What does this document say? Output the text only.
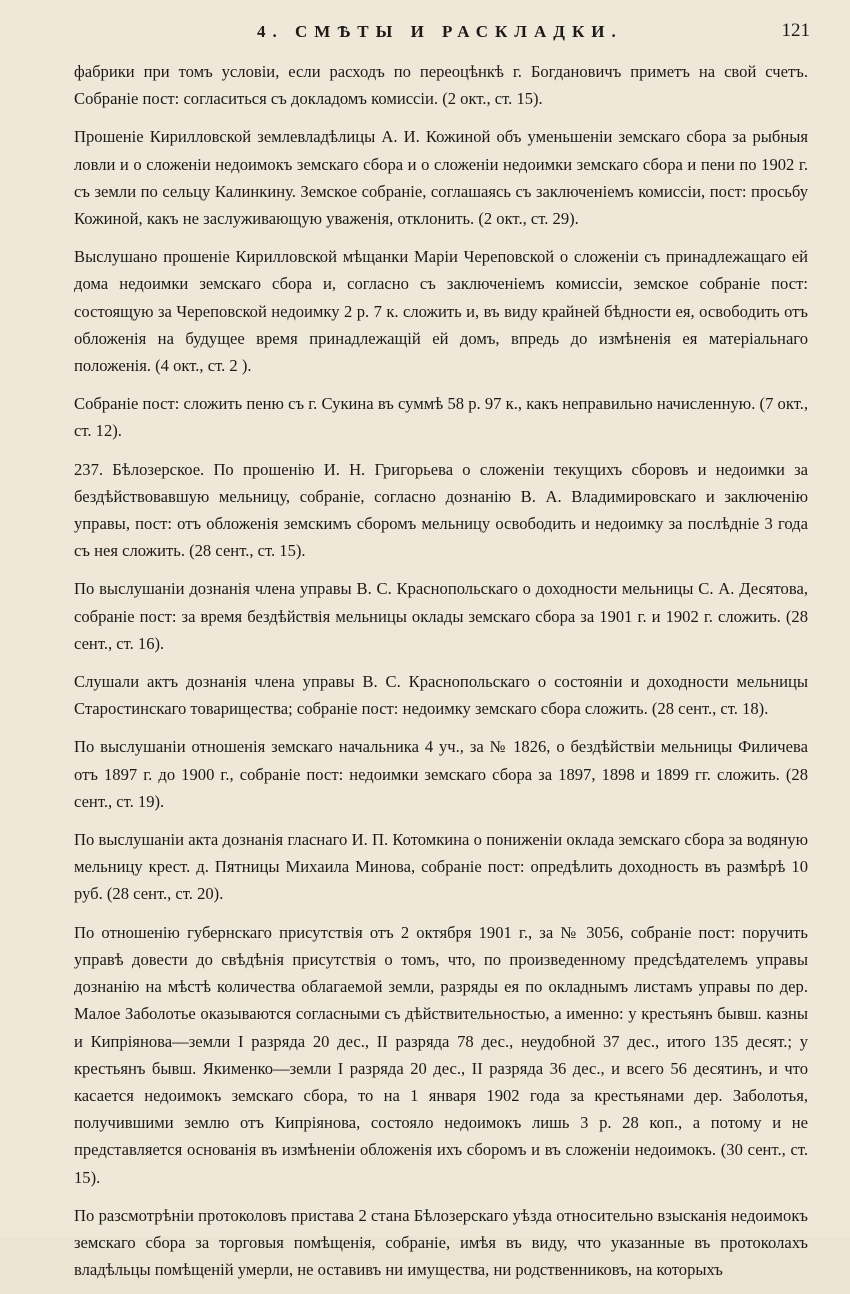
4. СМѢТЫ И РАСКЛАДКИ.	121

фабрики при томъ условіи, если расходъ по переоцѣнкѣ г. Богдановичъ приметъ на свой счетъ. Собраніе пост: согласиться съ докладомъ комиссіи. (2 окт., ст. 15).

Прошеніе Кирилловской землевладѣлицы А. И. Кожиной объ уменьшеніи земскаго сбора за рыбныя ловли и о сложеніи недоимокъ земскаго сбора и о сложеніи недоимки земскаго сбора и пени по 1902 г. съ земли по сельцу Калинкину. Земское собраніе, соглашаясь съ заключеніемъ комиссіи, пост: просьбу Кожиной, какъ не заслуживающую уваженія, отклонить. (2 окт., ст. 29).

Выслушано прошеніе Кирилловской мѣщанки Маріи Череповской о сложеніи съ принадлежащаго ей дома недоимки земскаго сбора и, согласно съ заключеніемъ комиссіи, земское собраніе пост: состоящую за Череповской недоимку 2 р. 7 к. сложить и, въ виду крайней бѣдности ея, освободить отъ обложенія на будущее время принадлежащій ей домъ, впредь до измѣненія ея матеріальнаго положенія. (4 окт., ст. 2 ).

Собраніе пост: сложить пеню съ г. Сукина въ суммѣ 58 р. 97 к., какъ неправильно начисленную. (7 окт., ст. 12).

237. Бѣлозерское. По прошенію И. Н. Григорьева о сложеніи текущихъ сборовъ и недоимки за бездѣйствовавшую мельницу, собраніе, согласно дознанію В. А. Владимировскаго и заключенію управы, пост: отъ обложенія земскимъ сборомъ мельницу освободить и недоимку за послѣдніе 3 года съ нея сложить. (28 сент., ст. 15).

По выслушаніи дознанія члена управы В. С. Краснопольскаго о доходности мельницы С. А. Десятова, собраніе пост: за время бездѣйствія мельницы оклады земскаго сбора за 1901 г. и 1902 г. сложить. (28 сент., ст. 16).

Слушали актъ дознанія члена управы В. С. Краснопольскаго о состояніи и доходности мельницы Старостинскаго товарищества; собраніе пост: недоимку земскаго сбора сложить. (28 сент., ст. 18).

По выслушаніи отношенія земскаго начальника 4 уч., за № 1826, о бездѣйствіи мельницы Филичева отъ 1897 г. до 1900 г., собраніе пост: недоимки земскаго сбора за 1897, 1898 и 1899 гг. сложить. (28 сент., ст. 19).

По выслушаніи акта дознанія гласнаго И. П. Котомкина о пониженіи оклада земскаго сбора за водяную мельницу крест. д. Пятницы Михаила Минова, собраніе пост: опредѣлить доходность въ размѣрѣ 10 руб. (28 сент., ст. 20).

По отношенію губернскаго присутствія отъ 2 октября 1901 г., за № 3056, собраніе пост: поручить управѣ довести до свѣдѣнія присутствія о томъ, что, по произведенному предсѣдателемъ управы дознанію на мѣстѣ количества облагаемой земли, разряды ея по окладнымъ листамъ управы по дер. Малое Заболотье оказываются согласными съ дѣйствительностью, а именно: у крестьянъ бывш. казны и Кипріянова—земли I разряда 20 дес., II разряда 78 дес., неудобной 37 дес., итого 135 десят.; у крестьянъ бывш. Якименко—земли I разряда 20 дес., II разряда 36 дес., и всего 56 десятинъ, и что касается недоимокъ земскаго сбора, то на 1 января 1902 года за крестьянами дер. Заболотья, получившими землю отъ Кипріянова, состояло недоимокъ лишь 3 р. 28 коп., а потому и не представляется основанія въ измѣненіи обложенія ихъ сборомъ и въ сложеніи недоимокъ. (30 сент., ст. 15).

По разсмотрѣніи протоколовъ пристава 2 стана Бѣлозерскаго уѣзда относительно взысканія недоимокъ земскаго сбора за торговыя помѣщенія, собраніе, имѣя въ виду, что указанные въ протоколахъ владѣльцы помѣщеній умерли, не оставивъ ни имущества, ни родственниковъ, на которыхъ
